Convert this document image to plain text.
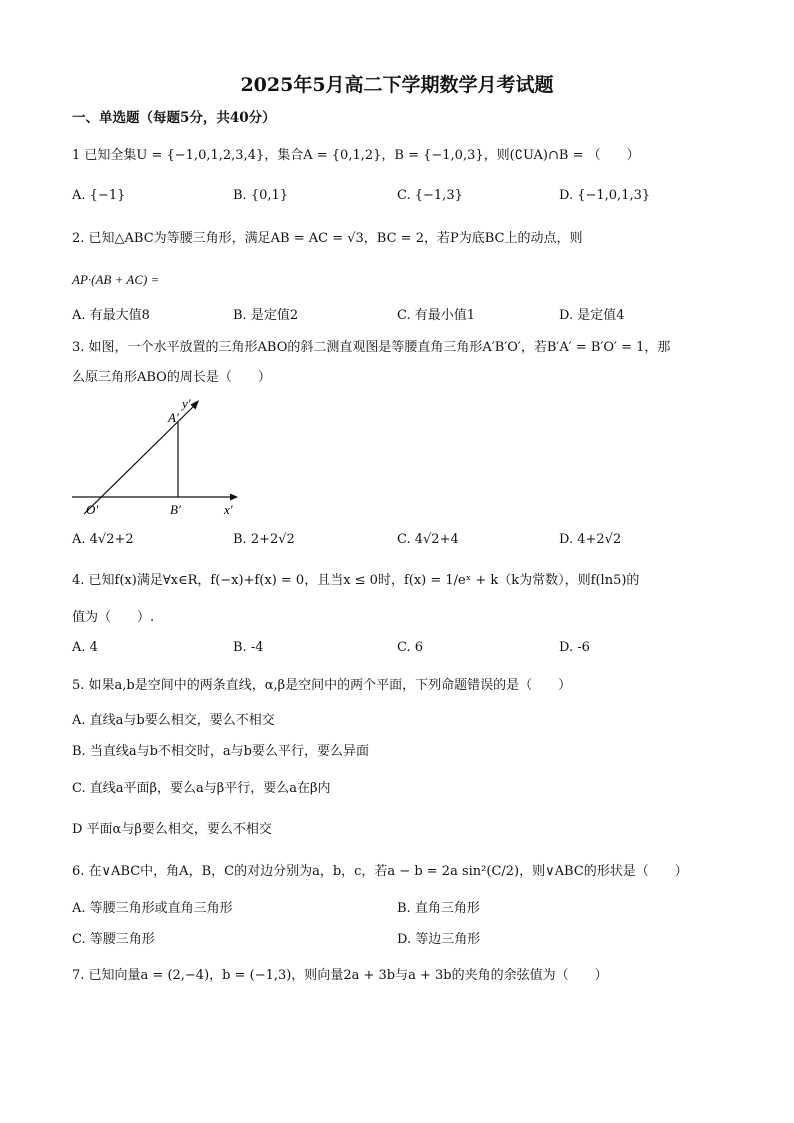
2025年5月高二下学期数学月考试题
一、单选题（每题5分，共40分）
1 已知全集U = {−1,0,1,2,3,4}，集合A = {0,1,2}，B = {−1,0,3}，则(∁UA)∩B = （　　）
A. {−1}	B. {0,1}	C. {−1,3}	D. {−1,0,1,3}
2. 已知△ABC为等腰三角形，满足AB = AC = √3，BC = 2，若P为底BC上的动点，则
AP·(AB + AC) =
A. 有最大值8	B. 是定值2	C. 有最小值1	D. 是定值4
3. 如图，一个水平放置的三角形ABO的斜二测直观图是等腰直角三角形A′B′O′，若B′A′ = B′O′ = 1，那
么原三角形ABO的周长是（　　）
y′
A′
O′	B′	x′
A. 4√2+2	B. 2+2√2	C. 4√2+4	D. 4+2√2
4. 已知f(x)满足∀x∈R，f(−x)+f(x) = 0，且当x ≤ 0时，f(x) = 1/eˣ + k（k为常数），则f(ln5)的
值为（　　）.
A. 4	B. -4	C. 6	D. -6
5. 如果a,b是空间中的两条直线，α,β是空间中的两个平面，下列命题错误的是（　　）
A. 直线a与b要么相交，要么不相交
B. 当直线a与b不相交时，a与b要么平行，要么异面
C. 直线a平面β，要么a与β平行，要么a在β内
D 平面α与β要么相交，要么不相交
6. 在∨ABC中，角A，B，C的对边分别为a，b，c，若a − b = 2a sin²(C/2)，则∨ABC的形状是（　　）
A. 等腰三角形或直角三角形	B. 直角三角形
C. 等腰三角形	D. 等边三角形
7. 已知向量a = (2,−4)，b = (−1,3)，则向量2a + 3b与a + 3b的夹角的余弦值为（　　）
